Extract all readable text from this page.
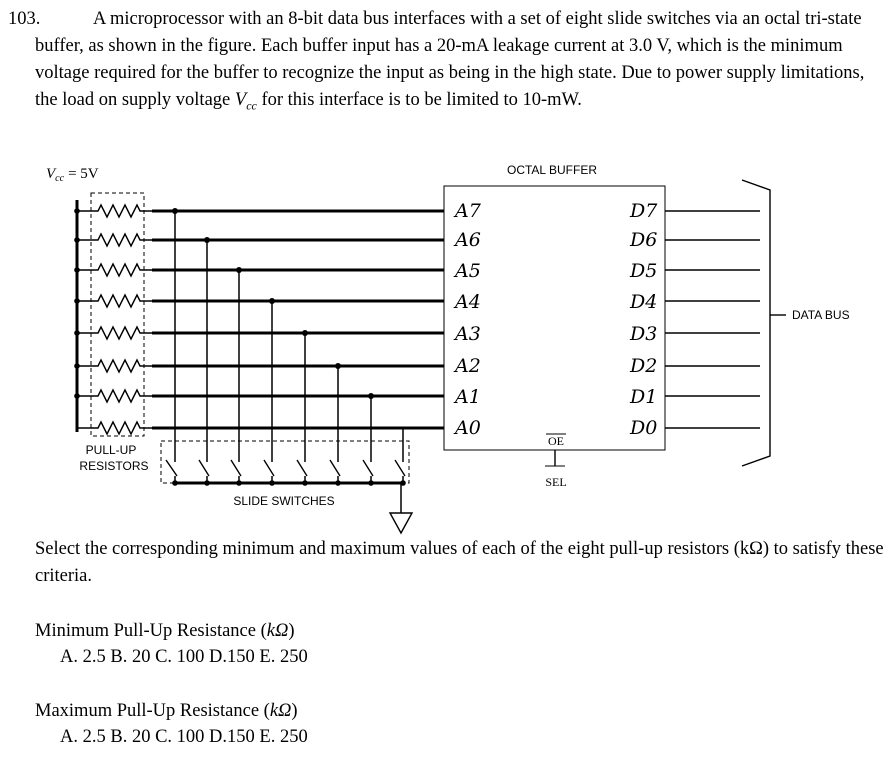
103.	A microprocessor with an 8-bit data bus interfaces with a set of eight slide switches via an octal tri-state buffer, as shown in the figure. Each buffer input has a 20-mA leakage current at 3.0 V, which is the minimum voltage required for the buffer to recognize the input as being in the high state. Due to power supply limitations, the load on supply voltage $V_{cc}$ for this interface is to be limited to 10-mW.

$V_{cc} = 5V$
PULL-UP
RESISTORS
SLIDE SWITCHES
OCTAL BUFFER
A7
A6
A5
A4
A3
A2
A1
A0
D7
D6
D5
D4
D3
D2
D1
D0
OE
SEL
DATA BUS
Select the corresponding minimum and maximum values of each of the eight pull-up resistors (kΩ) to satisfy these criteria.
Minimum Pull-Up Resistance (kΩ)
A. 2.5 B. 20 C. 100 D.150 E. 250
Maximum Pull-Up Resistance (kΩ)
A. 2.5 B. 20 C. 100 D.150 E. 250
